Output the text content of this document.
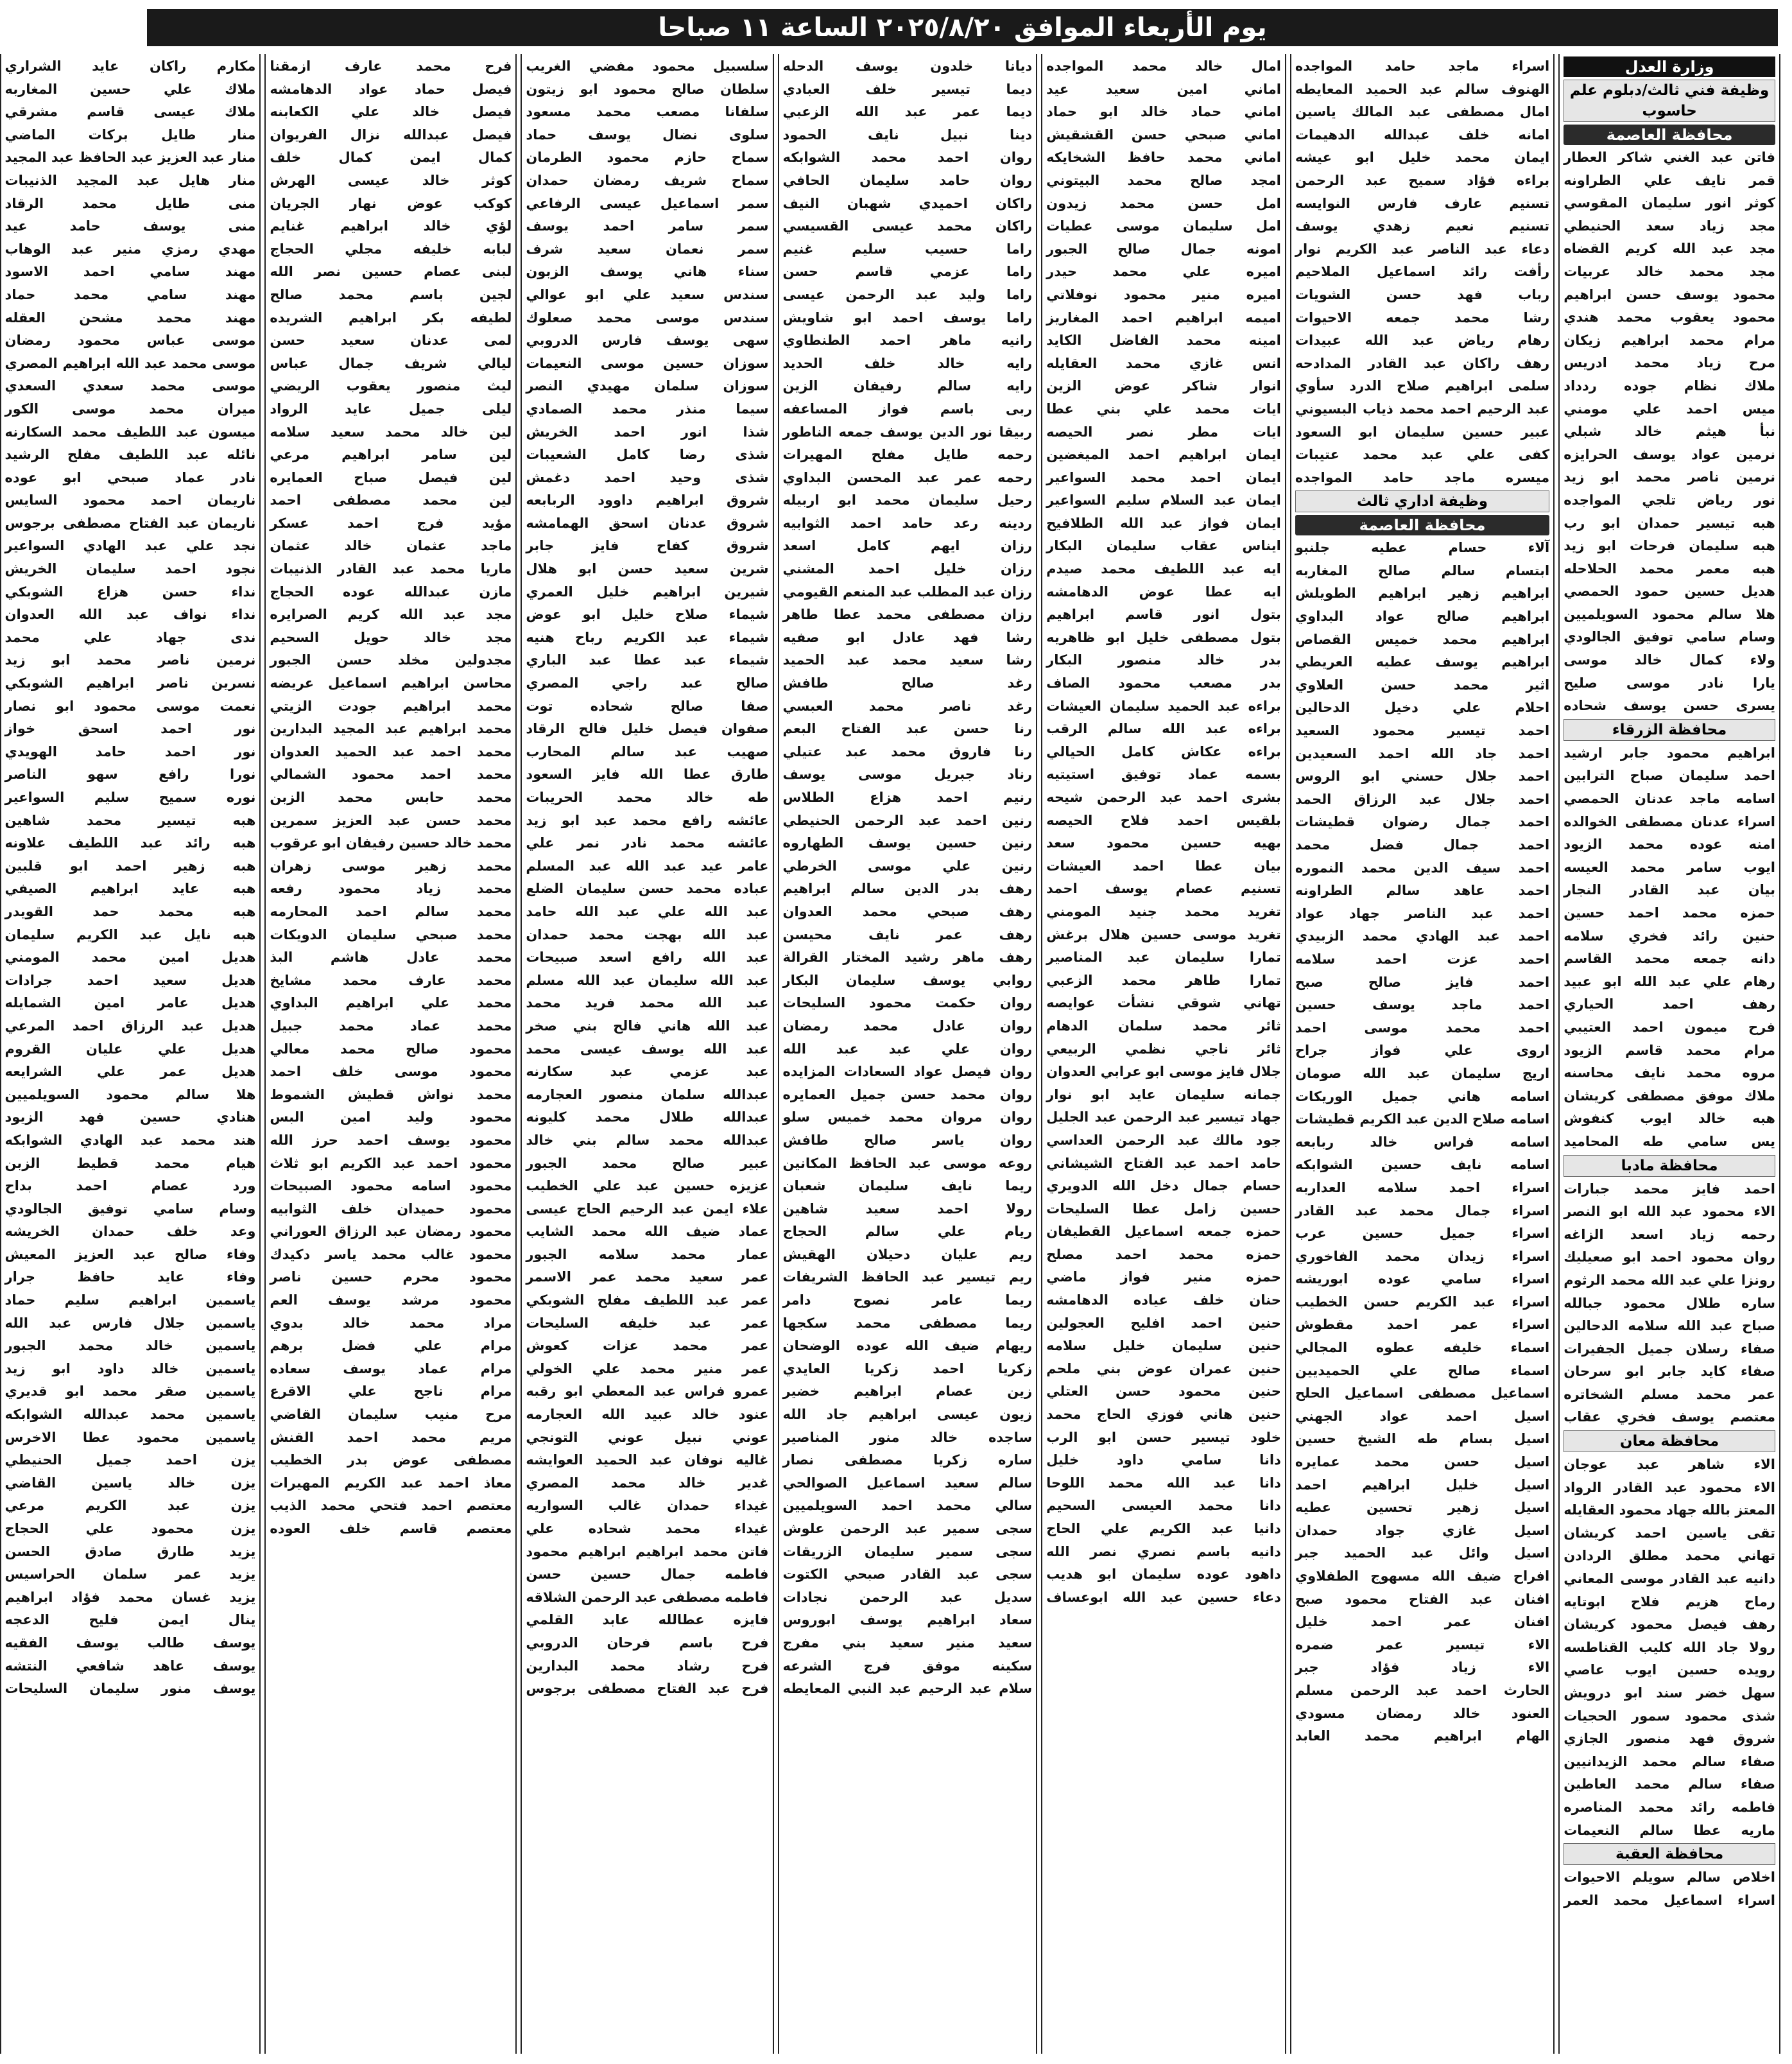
يوم الأربعاء الموافق ٢٠٢٥/٨/٢٠ الساعة ١١ صباحا
وزارة العدل
وظيفة فني ثالث/دبلوم علم حاسوب
محافظة العاصمة
فاتن عبد الغني شاكر العطار
قمر نايف علي الطراونه
كوثر انور سليمان المقوسي
مجد زياد سعد الحنيطي
مجد عبد الله كريم القضاه
مجد محمد خالد عربيات
محمود يوسف حسن ابراهيم
محمود يعقوب محمد هندي
مرام محمد ابراهيم زيكان
مرح زياد محمد ادريس
ملاك نظام جوده ردداد
ميس احمد علي مومني
نبأ هيثم خالد شبلي
نرمين عواد يوسف الحرايزه
نرمين ناصر محمد ابو زيد
نور رياض تلجي المواجده
هبه تيسير حمدان ابو رب
هبه سليمان فرحات ابو زيد
هبه معمر محمد الحلاحله
هديل حسين حمود الحمصي
هلا سالم محمود السويلميين
وسام سامي توفيق الجالودي
ولاء كمال خالد موسى
يارا نادر موسى صليح
يسرى حسن يوسف شحاده
محافظة الزرقاء
ابراهيم محمود جابر ارشيد
احمد سليمان صباح الترابين
اسامه ماجد عدنان الحمصي
اسراء عدنان مصطفى الخوالده
امنه عوده محمد الزيود
ايوب سامر محمد العيسه
بيان عبد القادر النجار
حمزه محمد احمد حسين
حنين رائد فخري سلامه
دانه جمعه محمد القاسم
رهام علي عبد الله ابو عبيد
رهف احمد الحياري
فرح ميمون احمد العتيبي
مرام محمد قاسم الزيود
مروه محمد نايف محاسنه
ملاك موفق مصطفى كريشان
هبه خالد ايوب كنفوش
يس سامي طه المحاميد
محافظة مادبا
احمد فايز محمد جبارات
الاء محمود عبد الله ابو النصر
رحمه زياد اسعد الزاغه
روان محمود احمد ابو صعيليك
رونزا علي عبد الله محمد الرثوم
ساره طلال محمود جبالله
صباح عبد الله سلامه الدحالين
صفاء رسلان جميل الجفيرات
صفاء كايد جابر ابو سرحان
عمر محمد مسلم الشخاتره
معتصم يوسف فخري عقاب
محافظة معان
الاء شاهر عبد عوجان
الاء محمود عبد القادر الرواد
المعتز بالله جهاد محمود العقايله
تقى ياسين احمد كريشان
تهاني محمد مطلق الردادن
دانيه عبد القادر موسى المعاني
رماح هزيم فلاح ابوتايه
رهف فيصل محمود كريشان
رولا جاد الله كليب القناطسه
رويده حسين ايوب عاصي
سهل خضر سند ابو درويش
شذى محمود سمور الحجيات
شروق فهد منصور الجازي
صفاء سالم محمد الزيدانيين
صفاء سالم محمد العاطين
فاطمه رائد محمد المناصره
ماريه عطا سالم النعيمات
محافظة العقبة
اخلاص سالم سويلم الاحيوات
اسراء اسماعيل محمد العمر
اسراء ماجد حامد المواجده
الهنوف سالم عبد الحميد المعايطه
امال مصطفى عبد المالك ياسين
امانه خلف عبدالله الدهيمات
ايمان محمد خليل ابو عيشه
براءه فؤاد سميح عبد الرحمن
تسنيم عارف فارس النوايسه
تسنيم نعيم زهدي يوسف
دعاء عبد الناصر عبد الكريم نوار
رأفت رائد اسماعيل الملاحيم
رباب فهد حسن الشويات
رشا محمد جمعه الاحيوات
رهام رياض عبد الله عبيدات
رهف راكان عبد القادر المدادحه
سلمى ابراهيم صلاح الدرد سأوي
عبد الرحيم احمد محمد ذياب البسيوني
عبير حسين سليمان ابو السعود
كفى علي عبد محمد عتيبات
ميسره ماجد حامد المواجده
وظيفة اداري ثالث
محافظة العاصمة
آلاء حسام عطيه جلنبو
ابتسام سالم صالح المغاربه
ابراهيم زهير ابراهيم الطويلش
ابراهيم صالح عواد البداوي
ابراهيم محمد خميس القصاص
ابراهيم يوسف عطيه العريطي
اثير محمد حسن العلاوي
احلام علي دخيل الدحالين
احمد تيسير محمود السعيد
احمد جاد الله احمد السعيدين
احمد جلال حسني ابو الروس
احمد جلال عبد الرزاق الحمد
احمد جمال رضوان قطيشات
احمد جمال فضل محمد
احمد سيف الدين محمد النموره
احمد عاهد سالم الطراونه
احمد عبد الناصر جهاد عواد
احمد عبد الهادي محمد الزبيدي
احمد عزت احمد سلامه
احمد فايز صالح صبح
احمد ماجد يوسف حسين
احمد محمد موسى احمد
اروى علي فواز جراح
اريج سليمان عبد الله صومان
اسامه هاني جميل الوريكات
اسامه صلاح الدين عبد الكريم قطيشات
اسامه فراس خالد ربابعه
اسامه نايف حسين الشوابكه
اسراء احمد سلامه العداربه
اسراء جمال محمد عبد القادر
اسراء جميل حسين عرب
اسراء زيدان محمد الفاخوري
اسراء سامي عوده ابوريشه
اسراء عبد الكريم حسن الخطيب
اسراء عمر احمد مقطوش
اسماء خليفه عطوه المجالي
اسماء صالح علي الحميديين
اسماعيل مصطفى اسماعيل الحلح
اسيل احمد عواد الجهني
اسيل بسام طه الشيخ حسين
اسيل حسن محمد عمايره
اسيل خليل ابراهيم احمد
اسيل زهير تحسين عطيه
اسيل غازي جواد حمدان
اسيل وائل عبد الحميد جبر
افراح ضيف الله مسهوج الطفلاوي
افنان عبد الفتاح محمود صبح
افنان عمر احمد خليل
الاء تيسير عمر ضمره
الاء زياد فؤاد جبر
الحارث احمد عبد الرحمن مسلم
العنود خالد رمضان مسودي
الهام ابراهيم محمد العابد
امال خالد محمد المواجده
اماني امين سعيد عيد
اماني حماد خالد ابو حماد
اماني صبحي حسن القشقيش
اماني محمد حافظ الشخايكه
امجد صالح محمد البيتوني
امل حسن محمد زيدون
امل سليمان موسى عطيات
امونه جمال صالح الجبور
اميره علي محمد حيدر
اميره منير محمود نوفلاتي
اميمه ابراهيم احمد المغاريز
امينه محمد الفاضل الكايد
انس غازي محمد العقايله
انوار شاكر عوض الزين
ايات محمد علي بني عطا
ايات مطر نصر الحيصه
ايمان ابراهيم احمد الميغضين
ايمان احمد محمد السواعير
ايمان عبد السلام سليم السواعير
ايمان فواز عبد الله الطلافيح
ايناس عقاب سليمان البكار
ايه عبد اللطيف محمد صيدم
ايه عطا عوض الدهامشه
بتول انور قاسم ابراهيم
بتول مصطفى خليل ابو ظاهريه
بدر خالد منصور البكار
بدر مصعب محمود الصاف
براءه عبد الحميد سليمان العيشات
براءه عبد الله سالم الرقب
براءه عكاش كامل الحيالي
بسمه عماد توفيق استيتيه
بشرى احمد عبد الرحمن شيحه
بلقيس احمد فلاح الحيصه
بهيه حسين محمود سعد
بيان عطا احمد العيشات
تسنيم عصام يوسف احمد
تغريد محمد جنيد المومني
تغريد موسى حسين هلال برغش
تمارا سليمان عبد المناصير
تمارا طاهر محمد الزعبي
تهاني شوقي نشأت عوايصه
ثائر محمد سلمان الدهام
ثائر ناجي نظمي الربيعي
جلال فايز موسى ابو عرابي العدوان
جمانه سليمان عايد ابو نوار
جهاد تيسير عبد الرحمن عبد الجليل
جود مالك عبد الرحمن العداسي
حامد احمد عبد الفتاح الشيشاني
حسام جمال دخل الله الدويري
حسين زامل عطا السليحات
حمزه جمعه اسماعيل القطيفان
حمزه محمد احمد مصلح
حمزه منير فواز ماضي
حنان خلف عياده الدهامشه
حنين احمد افليح العجولين
حنين سليمان خليل سلامه
حنين عمران عوض بني ملحم
حنين محمود حسن العتلي
حنين هاني فوزي الحاج محمد
خلود تيسير حسن ابو الرب
دانا سامي داود خليل
دانا عبد الله محمد اللوحا
دانا محمد العيسى السحيم
دانيا عبد الكريم علي الحاج
دانيه باسم نصري نصر الله
داهود عوده سليمان ابو هديب
دعاء حسين عبد الله ابوعساف
ديانا خلدون يوسف الدحله
ديما تيسير خلف العبادي
ديما عمر عبد الله الزعبي
دينا نبيل نايف الحمود
روان احمد محمد الشوابكه
روان حامد سليمان الحافي
راكان احميدي شهبان النيف
راكان محمد عيسى القسيسي
راما حسيب سليم غنيم
راما عزمي قاسم حسن
راما وليد عبد الرحمن عيسى
راما يوسف احمد ابو شاويش
رانيه ماهر احمد الطنطاوي
رايه خالد خلف الحديد
رايه سالم رفيفان الزين
ربى باسم فواز المساعفه
ربيقا نور الدين يوسف جمعه الناطور
رحمه طايل مفلح المهيرات
رحمه عمر عبد المحسن البداوي
رحيل سليمان محمد ابو اربيله
ردينه رعد حامد احمد الثوابيه
رزان ايهم كامل اسعد
رزان خليل احمد المشني
رزان عبد المطلب عبد المنعم القيومي
رزان مصطفى محمد عطا طاهر
رشا فهد عادل ابو صفيه
رشا سعيد محمد عبد الحميد
رغد صالح طافش
رغد ناصر محمد العبسي
رنا حسن عبد الفتاح البعم
رنا فاروق محمد عبد عتيلي
رناد جبريل موسى يوسف
رنيم احمد هزاع الطلاس
رنين احمد عبد الرحمن الحنيطي
رنين حسين يوسف الطهاروه
رنين علي موسى الخرطي
رهف بدر الدين سالم ابراهيم
رهف صبحي محمد العدوان
رهف عمر نايف محيسن
رهف ماهر رشيد المختار القرالة
روابي يوسف سليمان البكار
روان حكمت محمود السليحات
روان عادل محمد رمضان
روان علي عبد عبد الله
روان فيصل عواد السعادات المزايده
روان محمد حسن جميل العمايره
روان مروان محمد خميس سلو
روان ياسر صالح طافش
روعه موسى عبد الحافظ المكانين
ريما نايف سليمان شعبان
رولا احمد سعيد شاهين
ريام علي سالم الحجاج
ريم عليان دحيلان الهقيش
ريم تيسير عبد الحافظ الشريفات
ريما عامر نصوح دامر
ريما مصطفى محمد سكجها
ريهام ضيف الله عوده الوضحان
زكريا احمد زكريا العايدي
زين عصام ابراهيم خضير
زيون عيسى ابراهيم جاد الله
ساجده خالد منور المناصير
ساره زكريا مصطفى نصار
سالم سعيد اسماعيل الصوالحي
سالي محمد احمد السويلميين
سجى سمير عبد الرحمن علوش
سجى سمير سليمان الزريقات
سجى عبد القادر صبحي الكتوت
سديل عبد الرحمن نجادات
سعاد ابراهيم يوسف ابوروس
سعيد منير سعيد بني مفرج
سكينه موفق فرج الشرعه
سلام عبد الرحيم عبد النبي المعايطه
سلسبيل محمود مفضي الغريب
سلطان صالح محمود ابو زيتون
سلفانا مصعب محمد مسعود
سلوى نضال يوسف حماد
سماح حازم محمود الطرمان
سماح شريف رمضان حمدان
سمر اسماعيل عيسى الرفاعي
سمر سامر احمد يوسف
سمر نعمان سعيد شرف
سناء هاني يوسف الزبون
سندس سعيد علي ابو عوالي
سندس موسى محمد صعلوك
سهى يوسف فارس الدروبي
سوزان حسين موسى النعيمات
سوزان سلمان مهيدي النصر
سيما منذر محمد الصمادي
شذا انور احمد الخريش
شذى رضا كامل الشعيبات
شذى وحيد احمد دغمش
شروق ابراهيم داوود الربابعه
شروق عدنان اسحق الهمامشه
شروق كفاح فايز جابر
شرين سعيد حسن ابو هلال
شيرين ابراهيم خليل العمري
شيماء صلاح خليل ابو عوض
شيماء عبد الكريم رباح هنيه
شيماء عبد عطا عبد الباري
صالح عبد راجي المصري
صفا صالح شحاده توت
صفوان فيصل خليل فالح الرقاد
صهيب عبد سالم المحارب
طارق عطا الله فايز السعود
طه خالد محمد الحريبات
عائشه رافع محمد عبد ابو زيد
عائشه محمد نادر نمر علي
عامر عيد عبد الله عبد المسلم
عباده محمد حسن سليمان الضلع
عبد الله علي عبد الله حامد
عبد الله بهجت محمد حمدان
عبد الله رافع اسعد صبيحات
عبد الله سليمان عبد الله مسلم
عبد الله محمد فريد محمد
عبد الله هاني فالح بني صخر
عبد الله يوسف عيسى محمد
عبد عزمي عبد سكارنه
عبدالله سلمان منصور العجارمه
عبدالله طلال محمد كليونه
عبدالله محمد سالم بني خالد
عبير صالح محمد الجبور
عزيزه حسين عبد علي الخطيب
علاء ايمن عبد الرحيم الحاج عيسى
عماد ضيف الله محمد الشايب
عمار محمد سلامه الجبور
عمر سعيد محمد عمر الاسمر
عمر عبد اللطيف مفلح الشوبكي
عمر عبد خليفه السليحات
عمر محمد عزات كعوش
عمر منير محمد علي الخولي
عمرو فراس عبد المعطي ابو رقبه
عنود خالد عبيد الله العجارمه
عوني نبيل عوني التونجي
غاليه نوفان عبد الحميد العوايشه
غدير خالد محمد المصري
غيداء حمدان غالب السواريه
غيداء محمد شحاده علي
فاتن محمد ابراهيم ابراهيم محمود
فاطمه جمال حسين حسن
فاطمه مصطفى عبد الرحمن الشلاقه
فايزه عطالله عابد القلمي
فرح باسم فرحان الدروبي
فرح رشاد محمد البدارين
فرح عبد الفتاح مصطفى برجوس
فرح محمد عارف ازمقنا
فيصل حماد عواد الدهامشه
فيصل خالد علي الكعابنه
فيصل عبدالله نزال الفريوان
كمال ايمن كمال خلف
كوثر خالد عيسى الهرش
كوكب عوض نهار الجريان
لؤي خالد ابراهيم غنايم
لبابه خليفه مجلي الحجاج
لبنى عصام حسين نصر الله
لجين باسم محمد صالح
لطيفه بكر ابراهيم الشريده
لمى عدنان سعيد حسن
ليالي شريف جمال عباس
ليث منصور يعقوب الريضي
ليلى جميل عايد الرواد
لين خالد محمد سعيد سلامه
لين سامر ابراهيم مرعي
لين فيصل صباح العمايره
لين محمد مصطفى احمد
مؤيد فرج احمد عسكر
ماجد عثمان خالد عثمان
ماريا محمد عبد القادر الذنيبات
مازن عبدالله عوده الحجاج
مجد عبد الله كريم الصرايره
مجد خالد حويل السحيم
مجدولين مخلد حسن الجبور
محاسن ابراهيم اسماعيل عريضه
محمد ابراهيم جودت الزيتي
محمد ابراهيم عبد المجيد البدارين
محمد احمد عبد الحميد العدوان
محمد احمد محمود الشمالي
محمد حابس محمد الزبن
محمد حسن عبد العزيز سمرين
محمد خالد حسين رفيفان ابو عرقوب
محمد زهير موسى زهران
محمد زياد محمود رفعه
محمد سالم احمد المحارمه
محمد صبحي سليمان الدويكات
محمد عادل هاشم البذ
محمد عارف محمد مشايخ
محمد علي ابراهيم البداوي
محمد عماد محمد جبيل
محمود صالح محمد معالي
محمود موسى خلف احمد
محمد نواش قطيش الشموط
محمود وليد امين البس
محمود يوسف احمد حرز الله
محمود احمد عبد الكريم ابو ثلاث
محمود اسامه محمود الصبيحات
محمود حميدان خلف الثوابيه
محمود رمضان عبد الرزاق العوراني
محمود غالب محمد ياسر دكيدك
محمود محرم حسين ناصر
محمود مرشد يوسف العم
مراد محمد خالد بدوي
مرام علي فضل برهم
مرام عماد يوسف سعاده
مرام ناجح علي الاقرع
مرح منيب سليمان القاضي
مريم محمد احمد القنش
مصطفى عوض بدر الخطيب
معاذ احمد عبد الكريم المهيرات
معتصم احمد فتحي محمد الذيب
معتصم قاسم خلف العوده
مكارم راكان عايد الشراري
ملاك علي حسين المغاربه
ملاك عيسى قاسم مشرقي
منار طايل بركات الماضي
منار عبد العزيز عبد الحافظ عبد المجيد
منار هايل عبد المجيد الذنيبات
منى طايل محمد الرقاد
منى يوسف حامد عيد
مهدي رمزي منير عبد الوهاب
مهند سامي احمد الاسود
مهند سامي محمد حماد
مهند محمد مشحن العقله
موسى عباس محمود رمضان
موسى محمد عبد الله ابراهيم المصري
موسى محمد سعدي السعدي
ميران محمد موسى الكور
ميسون عبد اللطيف محمد السكارنه
نائله عبد اللطيف مفلح الرشيد
نادر عماد صبحي ابو عوده
ناريمان احمد محمود السايس
ناريمان عبد الفتاح مصطفى برجوس
نجد علي عبد الهادي السواعير
نجود احمد سليمان الخريش
نداء حسن هزاع الشوبكي
نداء نواف عبد الله العدوان
ندى جهاد علي محمد
نرمين ناصر محمد ابو زيد
نسرين ناصر ابراهيم الشوبكي
نعمت موسى محمود ابو نصار
نور احمد اسحق خواز
نور احمد حامد الهويدي
نورا رافع سهو الناصر
نوره سميح سليم السواعير
هبه تيسير محمد شاهين
هبه رائد عبد اللطيف علاونه
هبه زهير احمد ابو قلبين
هبه عايد ابراهيم الصيفي
هبه محمد حمد القويدر
هبه نايل عبد الكريم سليمان
هديل امين محمد المومني
هديل سعيد احمد جرادات
هديل عامر امين الشمايله
هديل عبد الرزاق احمد المرعي
هديل علي عليان القروم
هديل عمر علي الشرايعه
هلا سالم محمود السويلميين
هنادي حسين فهد الزيود
هند محمد عبد الهادي الشوابكه
هيام محمد قطيط الزبن
ورد عصام احمد بداح
وسام سامي توفيق الجالودي
وعد خلف حمدان الخريشه
وفاء صالح عبد العزيز المعيش
وفاء عايد حافظ جرار
ياسمين ابراهيم سليم حماد
ياسمين جلال فارس عبد الله
ياسمين خالد محمد الجبور
ياسمين خالد داود ابو زيد
ياسمين صقر محمد ابو قديري
ياسمين محمد عبدالله الشوابكه
ياسمين محمود عطا الاخرس
يزن احمد جميل الحنيطي
يزن خالد ياسين القاضي
يزن عبد الكريم مرعي
يزن محمود علي الحجاج
يزيد طارق صادق الحسن
يزيد عمر سلمان الحراسيس
يزيد غسان محمد فؤاد ابراهيم
ينال ايمن فليح الدعجه
يوسف طالب يوسف الفقيه
يوسف عاهد شافعي النتشه
يوسف منور سليمان السليحات
